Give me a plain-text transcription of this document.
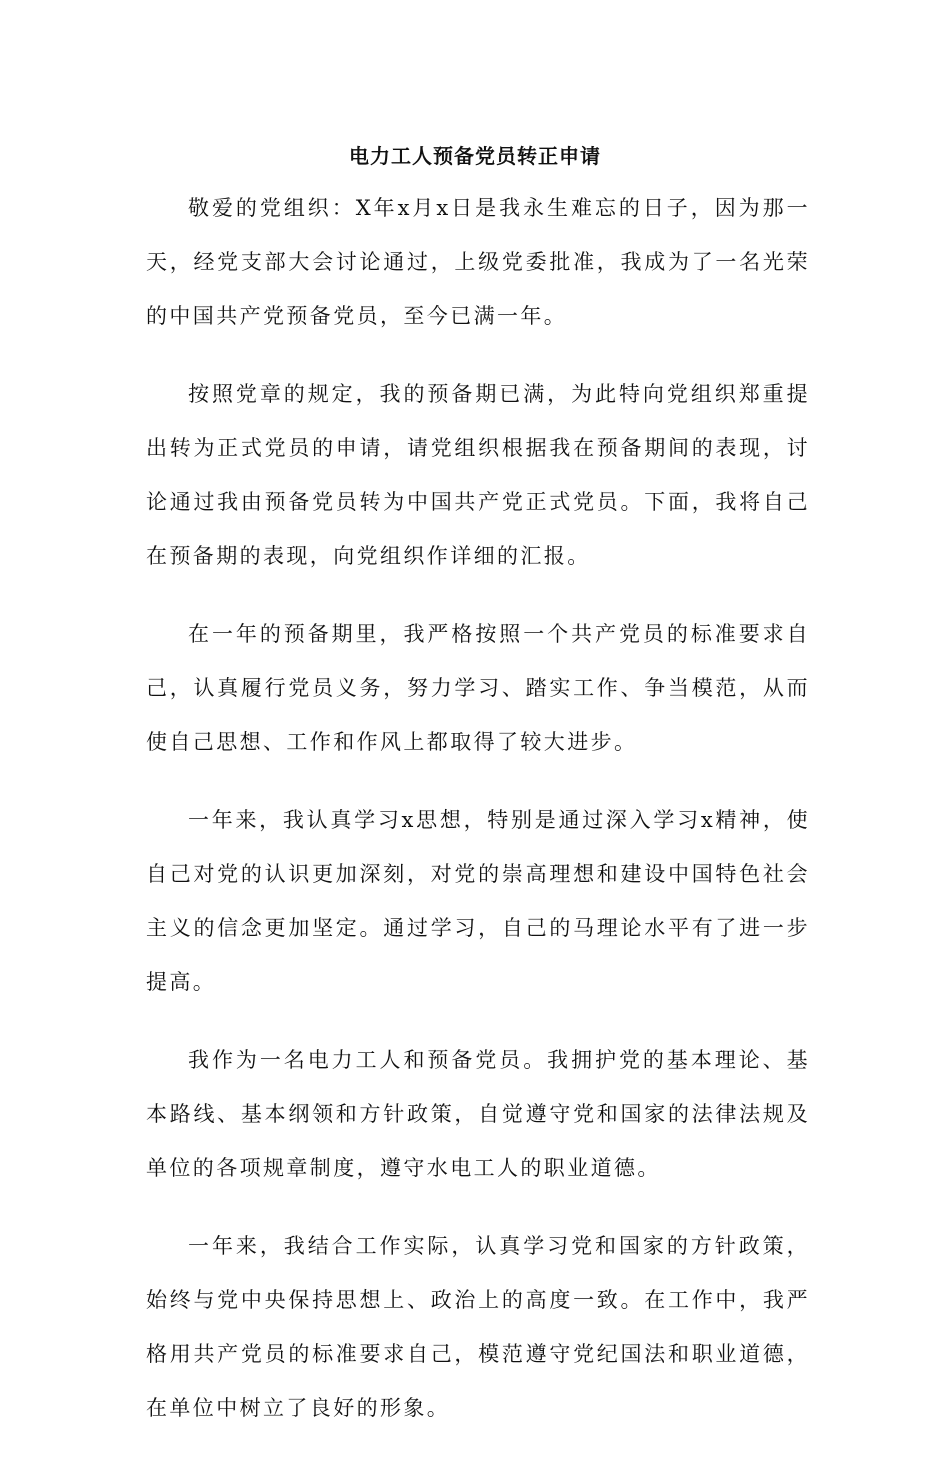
电力工人预备党员转正申请

敬爱的党组织：X年x月x日是我永生难忘的日子，因为那一天，经党支部大会讨论通过，上级党委批准，我成为了一名光荣的中国共产党预备党员，至今已满一年。

按照党章的规定，我的预备期已满，为此特向党组织郑重提出转为正式党员的申请，请党组织根据我在预备期间的表现，讨论通过我由预备党员转为中国共产党正式党员。下面，我将自己在预备期的表现，向党组织作详细的汇报。

在一年的预备期里，我严格按照一个共产党员的标准要求自己，认真履行党员义务，努力学习、踏实工作、争当模范，从而使自己思想、工作和作风上都取得了较大进步。

一年来，我认真学习x思想，特别是通过深入学习x精神，使自己对党的认识更加深刻，对党的崇高理想和建设中国特色社会主义的信念更加坚定。通过学习，自己的马理论水平有了进一步提高。

我作为一名电力工人和预备党员。我拥护党的基本理论、基本路线、基本纲领和方针政策，自觉遵守党和国家的法律法规及单位的各项规章制度，遵守水电工人的职业道德。

一年来，我结合工作实际，认真学习党和国家的方针政策，始终与党中央保持思想上、政治上的高度一致。在工作中，我严格用共产党员的标准要求自己，模范遵守党纪国法和职业道德，在单位中树立了良好的形象。
